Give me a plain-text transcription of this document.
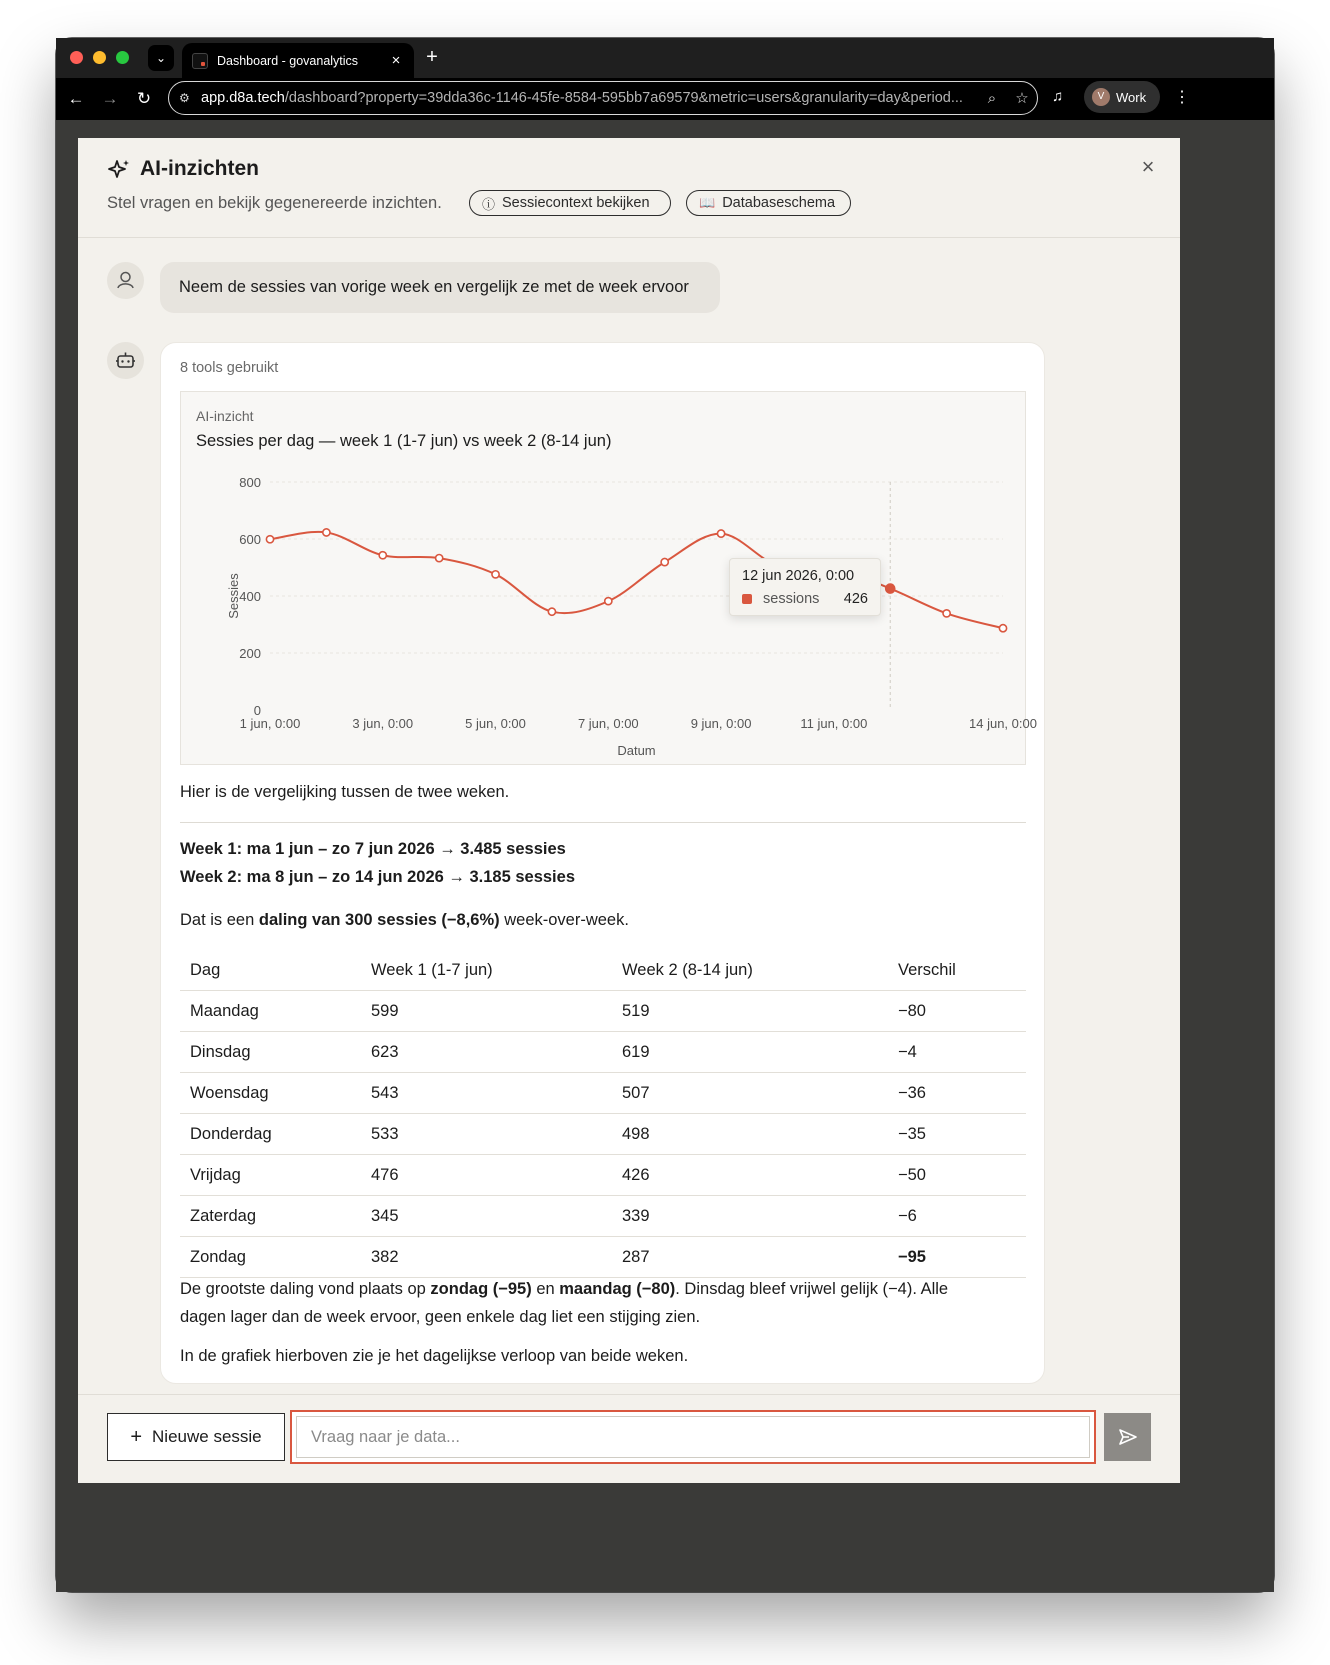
⌄	Dashboard - govanalytics	×	+
← → ↻	⚙ app.d8a.tech/dashboard?property=39dda36c-1146-45fe-8584-595bb7a69579&metric=users&granularity=day&period...	⌕	☆	♫	V Work ⋮
AI-inzichten	×
Stel vragen en bekijk gegenereerde inzichten.	ⓘ Sessiecontext bekijken	📖 Databaseschema
Neem de sessies van vorige week en vergelijk ze met de week ervoor
8 tools gebruikt
AI-inzicht
Sessies per dag — week 1 (1-7 jun) vs week 2 (8-14 jun)
0
200
400
600
800
1 jun, 0:00	3 jun, 0:00	5 jun, 0:00	7 jun, 0:00	9 jun, 0:00	11 jun, 0:00	14 jun, 0:00
Datum
Sessies	12 jun 2026, 0:00
sessions 426
Hier is de vergelijking tussen de twee weken.
Week 1: ma 1 jun – zo 7 jun 2026 → 3.485 sessies
Week 2: ma 8 jun – zo 14 jun 2026 → 3.185 sessies
Dat is een daling van 300 sessies (−8,6%) week-over-week.
Dag	Week 1 (1-7 jun)	Week 2 (8-14 jun)	Verschil
Maandag	599	519	−80
Dinsdag	623	619	−4
Woensdag	543	507	−36
Donderdag	533	498	−35
Vrijdag	476	426	−50
Zaterdag	345	339	−6
Zondag	382	287	−95
De grootste daling vond plaats op zondag (−95) en maandag (−80). Dinsdag bleef vrijwel gelijk (−4). Alle
dagen lager dan de week ervoor, geen enkele dag liet een stijging zien.
In de grafiek hierboven zie je het dagelijkse verloop van beide weken.
+ Nieuwe sessie
Vraag naar je data...
